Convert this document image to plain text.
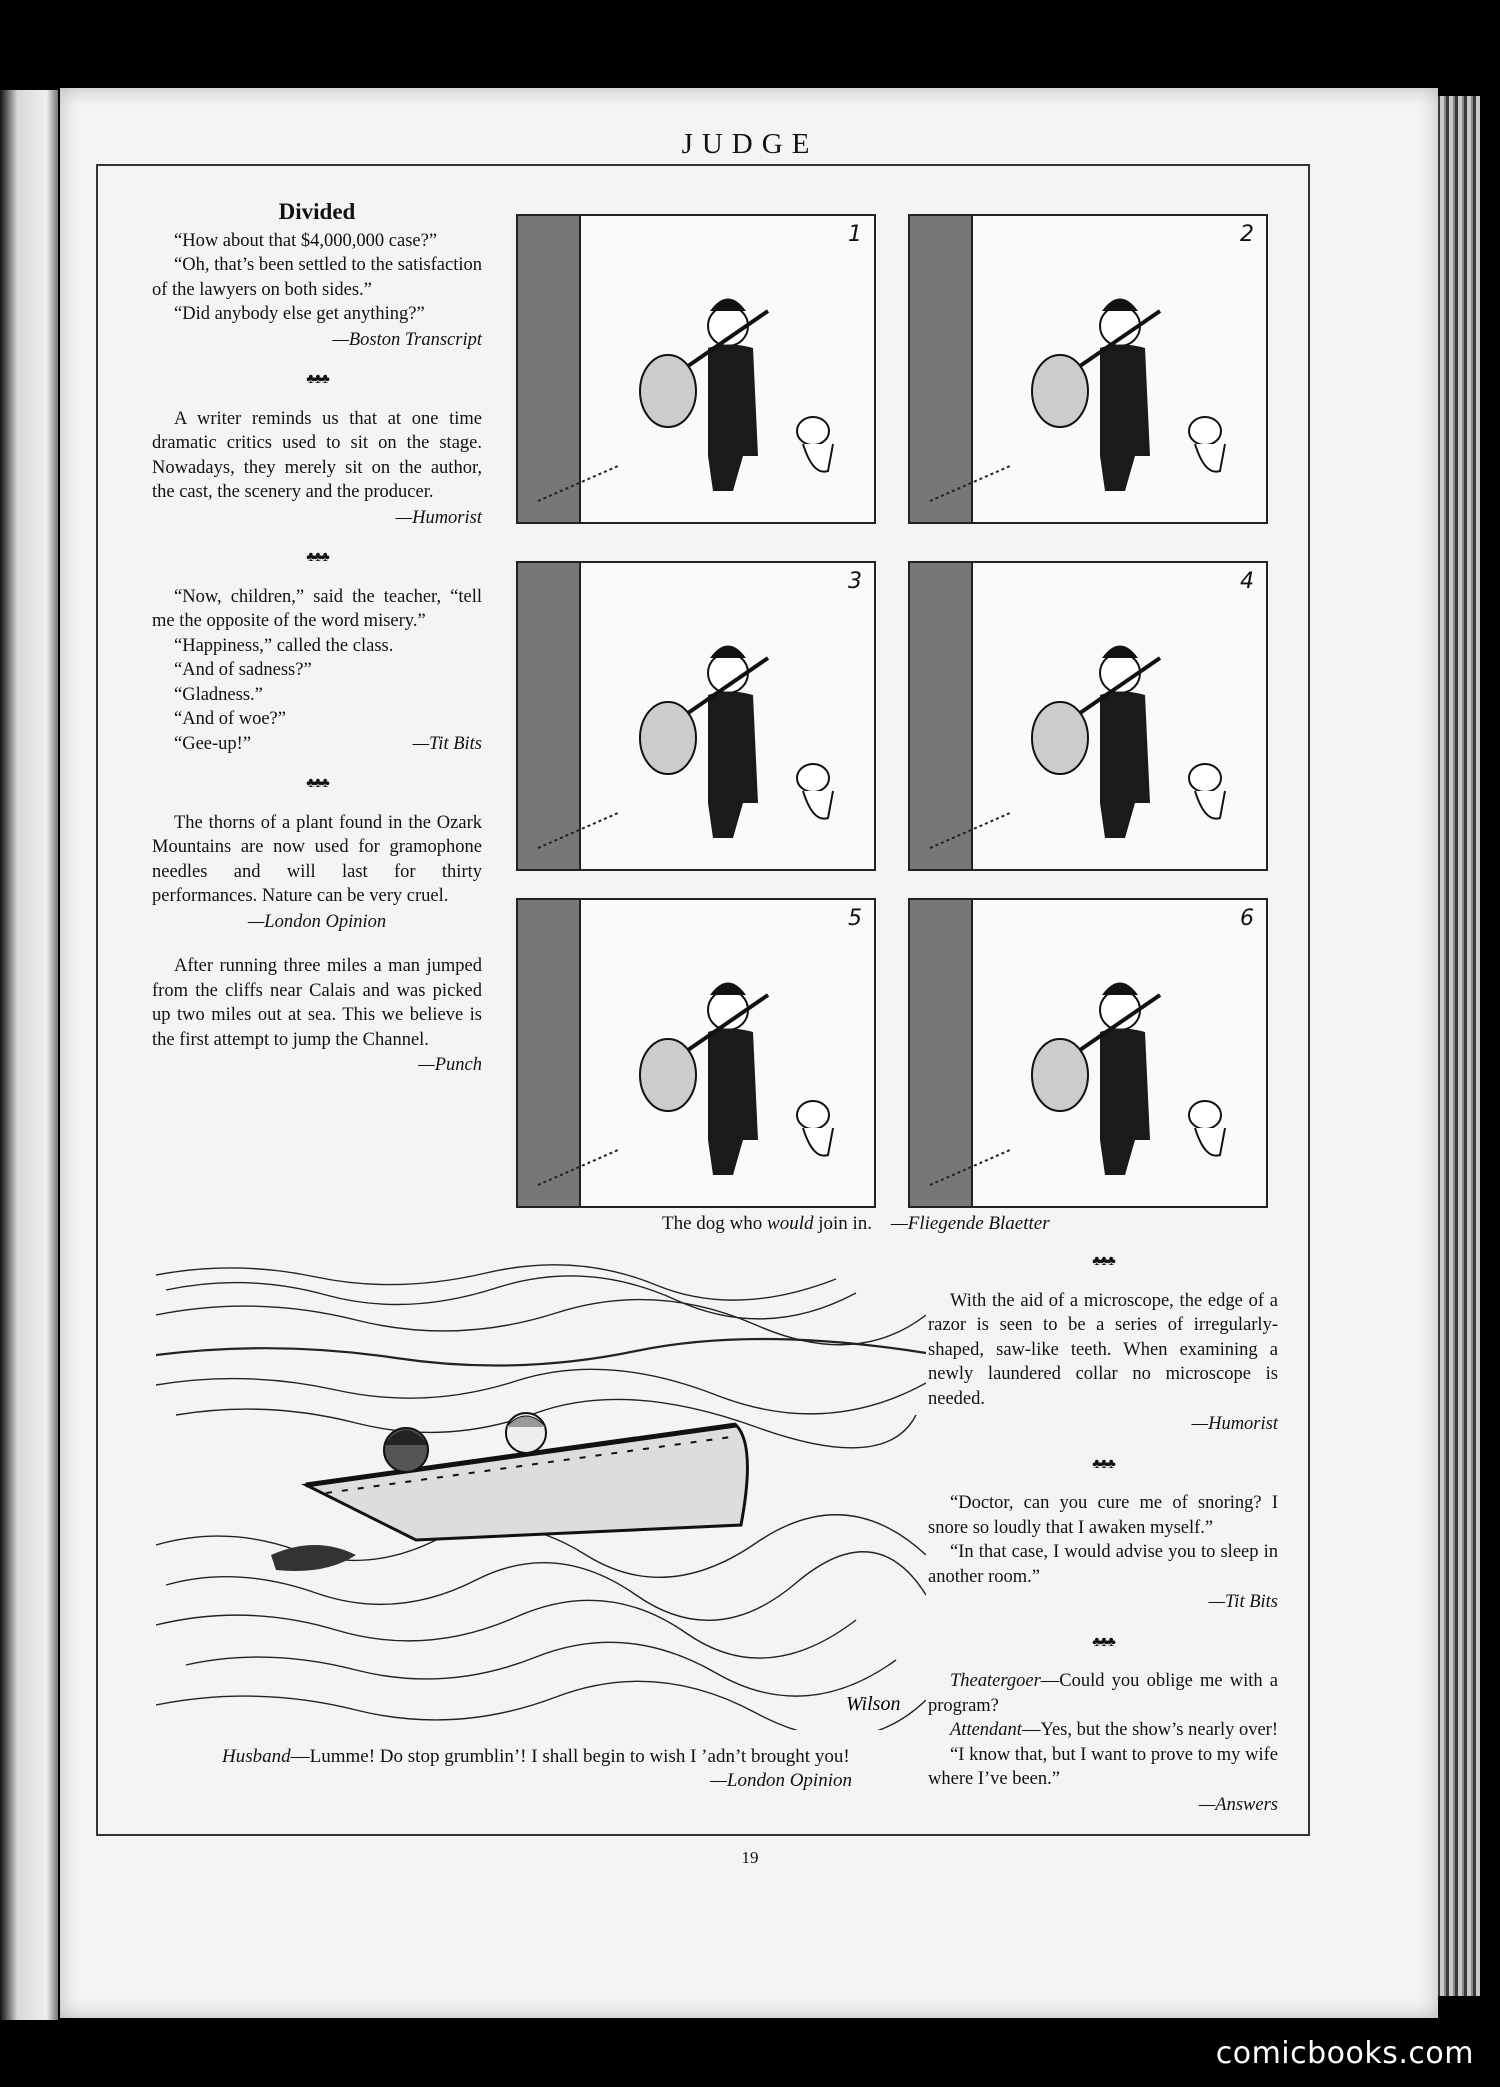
JUDGE
Divided

“How about that $4,000,000 case?”

“Oh, that’s been settled to the satisfaction of the lawyers on both sides.”

“Did anybody else get anything?”

—Boston Transcript

♣♣♣

A writer reminds us that at one time dramatic critics used to sit on the stage. Nowadays, they merely sit on the author, the cast, the scenery and the producer.

—Humorist

♣♣♣

“Now, children,” said the teacher, “tell me the opposite of the word misery.”

“Happiness,” called the class.

“And of sadness?”

“Gladness.”

“And of woe?”

“Gee-up!”	—Tit Bits
♣♣♣

The thorns of a plant found in the Ozark Mountains are now used for gramophone needles and will last for thirty performances. Nature can be very cruel.

—London Opinion

After running three miles a man jumped from the cliffs near Calais and was picked up two miles out at sea. This we believe is the first attempt to jump the Channel.

—Punch

1	2
3	4
5	6
The dog who would join in. —Fliegende Blaetter
Wilson
Husband—Lumme! Do stop grumblin’! I shall begin to wish I ’adn’t brought you!
—London Opinion
♣♣♣

With the aid of a microscope, the edge of a razor is seen to be a series of irregularly-shaped, saw-like teeth. When examining a newly laundered collar no microscope is needed.

—Humorist

♣♣♣

“Doctor, can you cure me of snoring? I snore so loudly that I awaken myself.”

“In that case, I would advise you to sleep in another room.”

—Tit Bits

♣♣♣

Theatergoer—Could you oblige me with a program?

Attendant—Yes, but the show’s nearly over!

“I know that, but I want to prove to my wife where I’ve been.”

—Answers

19
comicbooks.com
